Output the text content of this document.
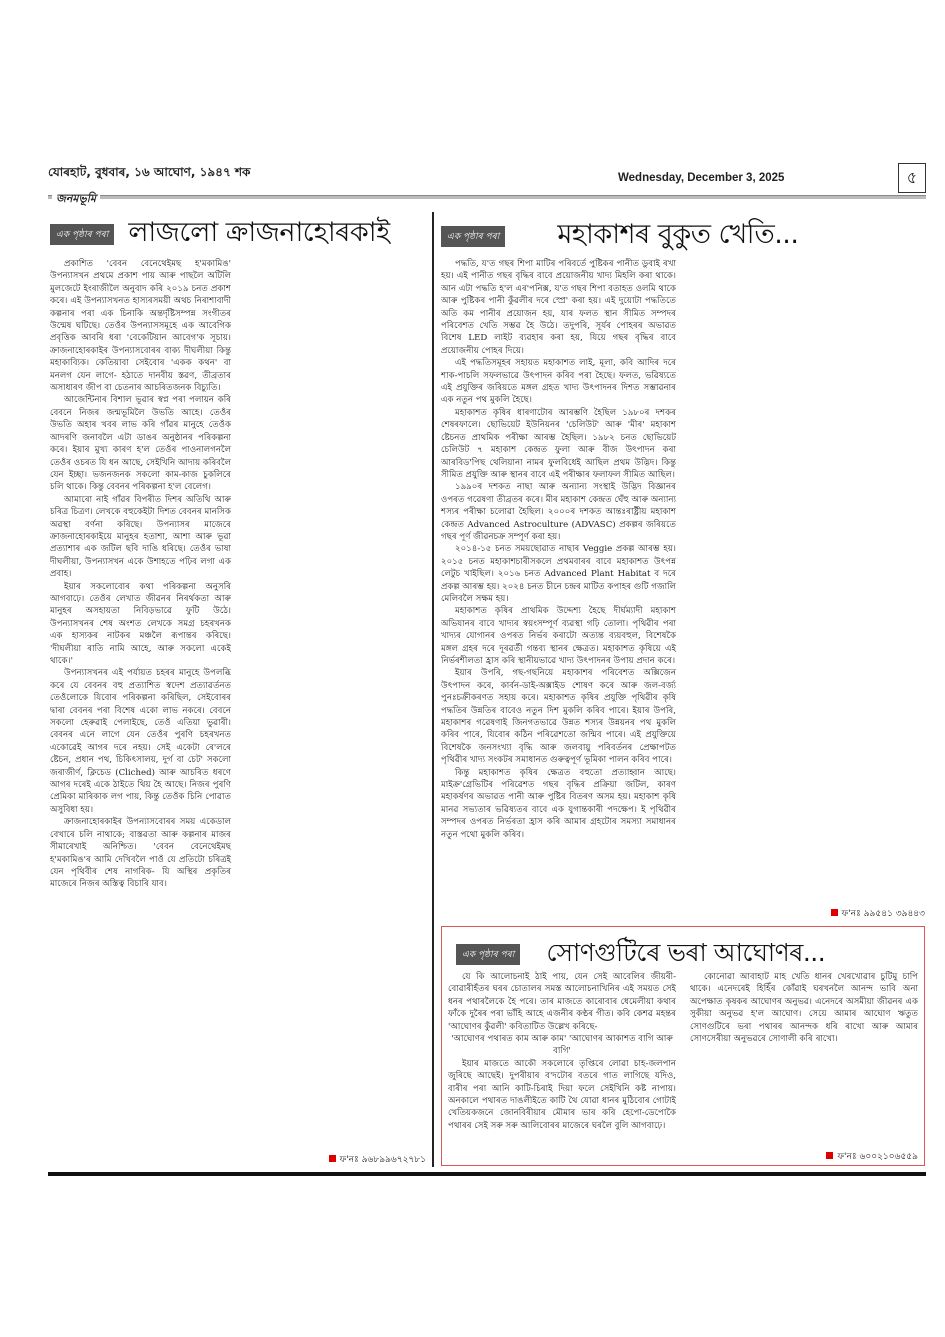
যোৰহাট, বুধবাৰ, ১৬ আঘোণ, ১৯৪৭ শক	Wednesday, December 3, 2025	৫
জনমভূমি
এক পৃষ্ঠাৰ পৰা লাজলো ক্ৰাজনাহোৰকাই

প্ৰকাশিত 'বেবন বেনেথেইমছ হ'মকামিঙ' উপন্যাসখন প্ৰথমে প্ৰকাশ পায় আৰু পাছলৈ অটিলি মুলজেটে ইংৰাজীলৈ অনুবাদ কৰি ২০১৯ চনত প্ৰকাশ কৰে। এই উপন্যাসখনত হাস্যৰসময়ী অথচ নিৰাশাবাদী কল্পনাৰ পৰা এক চিনাকি অন্তৰ্দৃষ্টিসম্পন্ন সংগীতৰ উন্মেষ ঘটিছে। তেওঁৰ উপন্যাসসমূহে এক আবেগিক প্ৰবৃত্তিক আবৰি ধৰা 'বেকেটিয়ান আবেগ'ক সূচায়। ক্ৰাজনাহোৰকাইৰ উপন্যাসবোৰৰ বাক্য দীঘলীয়া কিন্তু মহাকাব্যিক। কেতিয়াবা সেইবোৰ 'একক কথন' বা মনলগ যেন লাগে- হঠাতে দানবীয় স্তৱণ, তীব্ৰতাৰ অসাধাৰণ জীপ বা চেতনাৰ আচৰিতজনক বিচ্যুতি।

আজেন্টিনাৰ বিশাল ভূৱাৰ স্বপ্ন পৰা পলায়ন কৰি বেবনে নিজৰ জন্মভূমিলৈ উভতি আহে। তেওঁৰ উভতি অহাৰ খবৰ লাভ কৰি গাঁৱৰ মানুহে তেওঁক আদৰণি জনাবলৈ এটা ডাঙৰ অনুষ্ঠানৰ পৰিকল্পনা কৰে। ইয়াৰ মুখ্য কাৰণ হ'ল তেওঁৰ পাওনালগনলৈ তেওঁৰ ওচৰত যি ধন আছে, সেইখিনি আদায় কৰিবলৈ যেন ইচ্ছা। ভজনজনক সকলো কাম-কাজ চুকলিৰে চলি থাকে। কিন্তু বেবনৰ পৰিকল্পনা হ'ল বেলেগ।

আমাৰো নাই গাঁৱৰ বিপৰীত দিশৰ অতিথি আৰু চৰিত্ৰ চিত্ৰণ। লেখকে বহুকেইটা দিশত বেবনৰ মানসিক অৱস্থা বৰ্ণনা কৰিছে। উপন্যাসৰ মাজেৰে ক্ৰাজনাহোৰকাইয়ে মানুহৰ হতাশা, আশা আৰু ভূৱা প্ৰত্যাশাৰ এক জটিল ছবি দাঙি ধৰিছে। তেওঁৰ ভাষা দীঘলীয়া, উপন্যাসখন একে উশাহতে পঢ়িব লগা এক প্ৰবাহ।

ইয়াৰ সকলোবোৰ কথা পৰিকল্পনা অনুসৰি আগবাঢ়ে। তেওঁৰ লেখাত জীৱনৰ নিৰৰ্থকতা আৰু মানুহৰ অসহায়তা নিবিড়ভাৱে ফুটি উঠে। উপন্যাসখনৰ শেষ অংশত লেখকে সমগ্ৰ চহৰখনক এক হাস্যকৰ নাটকৰ মঞ্চলৈ ৰূপান্তৰ কৰিছে। 'দীঘলীয়া ৰাতি নামি আহে, আৰু সকলো একেই থাকে।'

উপন্যাসখনৰ এই পৰ্যায়ত চহৰৰ মানুহে উপলব্ধি কৰে যে বেবনৰ বহু প্ৰত্যাশিত স্বদেশ প্ৰত্যাৱৰ্তনত তেওঁলোকে যিবোৰ পৰিকল্পনা কৰিছিল, সেইবোৰৰ দ্বাৰা বেবনৰ পৰা বিশেষ একো লাভ নকৰে। বেবনে সকলো হেৰুৱাই পেলাইছে, তেওঁ এতিয়া ভুৱাৰী। বেবনৰ এনে লাগে যেন তেওঁৰ পুৰণি চহৰখনত একোৱেই আগৰ দৰে নহয়। সেই একেটা ৰে'লৰে ষ্টেচন, প্ৰধান পথ, চিকিৎসালয়, দুৰ্গ বা চেট' সকলো জৰাজীৰ্ণ, ক্লিচেড (Cliched) আৰু আচৰিত ধৰণে আগৰ দৰেই একে ঠাইতে থিয় হৈ আছে। নিজৰ পুৰণি প্ৰেমিকা মাৰিকাক লগ পায়, কিন্তু তেওঁক চিনি পোৱাত অসুবিধা হয়।

ক্ৰাজনাহোৰকাইৰ উপন্যাসবোৰৰ সময় একেডাল বেখাৰে চলি নাথাকে; বাস্তৱতা আৰু কল্পনাৰ মাজৰ সীমাৰেখাই অনিশ্চিত। 'বেবন বেনেথেইমছ হ'মকামিঙ'ৰ আমি দেখিবলৈ পাওঁ যে প্ৰতিটো চৰিত্ৰই যেন পৃথিবীৰ শেষ নাগৰিক- যি অস্থিৰ প্ৰকৃতিৰ মাজেৰে নিজৰ অস্তিত্ব বিচাৰি যাব।

ফ'নঃ ৯৬৮৯৯৬৭২৭৮১
এক পৃষ্ঠাৰ পৰা মহাকাশৰ বুকুত খেতি...

পদ্ধতি, য'ত গছৰ শিপা মাটিৰ পৰিবৰ্তে পুষ্টিকৰ পানীত ডুবাই ৰখা হয়। এই পানীত গছৰ বৃদ্ধিৰ বাবে প্ৰয়োজনীয় খাদ্য মিহলি কৰা থাকে। আন এটা পদ্ধতি হ'ল এৰ'পনিক্স, য'ত গছৰ শিপা বতাহত ওলমি থাকে আৰু পুষ্টিকৰ পানী কুঁৱলীৰ দৰে স্প্ৰে' কৰা হয়। এই দুয়োটা পদ্ধতিতে অতি কম পানীৰ প্ৰয়োজন হয়, যাৰ ফলত স্থান সীমিত সম্পদৰ পৰিবেশত খেতি সম্ভৱ হৈ উঠে। তদুপৰি, সূৰ্যৰ পোহৰৰ অভাৱত বিশেষ LED লাইট ব্যৱহাৰ কৰা হয়, যিয়ে গছৰ বৃদ্ধিৰ বাবে প্ৰয়োজনীয় পোহৰ দিয়ে।

এই পদ্ধতিসমূহৰ সহায়ত মহাকাশত লাই, মূলা, কবি আদিৰ দৰে শাক-পাচলি সফলভাৱে উৎপাদন কৰিব পৰা হৈছে। ফলত, ভৱিষ্যতে এই প্ৰযুক্তিৰ জৰিয়তে মঙ্গল গ্ৰহত খাদ্য উৎপাদনৰ দিশত সম্ভাৱনাৰ এক নতুন পথ মুকলি হৈছে।

মহাকাশত কৃষিৰ ধাৰণাটোৰ আৰম্ভণি হৈছিল ১৯৮০ৰ দশকৰ শেষৰফালে। ছোভিয়েট ইউনিয়নৰ 'চেলিউট' আৰু 'মীৰ' মহাকাশ ষ্টেচনত প্ৰাথমিক পৰীক্ষা আৰম্ভ হৈছিল। ১৯৮২ চনত ছোভিয়েট চেলিউট ৭ মহাকাশ কেন্দ্ৰত ফুলা আৰু বীজ উৎপাদন কৰা আৰবিড'পিছ থেলিয়ানা নামৰ ফুলবিধেই আছিল প্ৰথম উদ্ভিদ। কিন্তু সীমিত প্ৰযুক্তি আৰু স্থানৰ বাবে এই পৰীক্ষাৰ ফলাফল সীমিত আছিল।

১৯৯০ৰ দশকত নাছা আৰু অন্যান্য সংস্থাই উদ্ভিদ বিজ্ঞানৰ ওপৰত গৱেষণা তীব্ৰতৰ কৰে। মীৰ মহাকাশ কেন্দ্ৰত ঘেঁহু আৰু অন্যান্য শস্যৰ পৰীক্ষা চলোৱা হৈছিল। ২০০০ৰ দশকত আন্তঃৰাষ্ট্ৰীয় মহাকাশ কেন্দ্ৰত Advanced Astroculture (ADVASC) প্ৰকল্পৰ জৰিয়তে গছৰ পূৰ্ণ জীৱনচক্ৰ সম্পূৰ্ণ কৰা হয়।

২০১৪-১৫ চনত সময়ছোৱাত নাছাৰ Veggie প্ৰকল্প আৰম্ভ হয়। ২০১৫ চনত মহাকাশচাৰীসকলে প্ৰথমবাৰৰ বাবে মহাকাশত উৎপন্ন লেটুচ খাইছিল। ২০১৬ চনত Advanced Plant Habitat ব দৰে প্ৰকল্প আৰম্ভ হয়। ২০২৪ চনত চীনে চন্দ্ৰৰ মাটিত কপাহৰ গুটি গজালি মেলিবলৈ সক্ষম হয়।

মহাকাশত কৃষিৰ প্ৰাথমিক উদ্দেশ্য হৈছে দীৰ্ঘম্যাদী মহাকাশ অভিযানৰ বাবে খাদ্যৰ স্বয়ংসম্পূৰ্ণ ব্যৱস্থা গঢ়ি তোলা। পৃথিৱীৰ পৰা খাদ্যৰ যোগানৰ ওপৰত নিৰ্ভৰ কৰাটো অত্যন্ত ব্যয়বহুল, বিশেষকৈ মঙ্গল গ্ৰহৰ দৰে দূৰৱৰ্তী গন্তব্য স্থানৰ ক্ষেত্ৰত। মহাকাশত কৃষিয়ে এই নিৰ্ভৰশীলতা হ্ৰাস কৰি স্থানীয়ভাৱে খাদ্য উৎপাদনৰ উপায় প্ৰদান কৰে।

ইয়াৰ উপৰি, গছ-গছনিয়ে মহাকাশৰ পৰিবেশত অক্সিজেন উৎপাদন কৰে, কাৰ্বন-ডাই-অক্সাইড শোষণ কৰে আৰু জল-বৰ্জ্য পুনঃচক্ৰীকৰণত সহায় কৰে। মহাকাশত কৃষিৰ প্ৰযুক্তি পৃথিৱীৰ কৃষি পদ্ধতিৰ উন্নতিৰ বাবেও নতুন দিশ মুকলি কৰিব পাৰে। ইয়াৰ উপৰি, মহাকাশৰ গৱেষণাই জিনগতভাৱে উন্নত শস্যৰ উন্নয়নৰ পথ মুকলি কৰিব পাৰে, যিবোৰ কঠিন পৰিৱেশতো জন্মিব পাৰে। এই প্ৰযুক্তিয়ে বিশেষকৈ জনসংখ্যা বৃদ্ধি আৰু জলবায়ু পৰিবৰ্তনৰ প্ৰেক্ষাপটত পৃথিৱীৰ খাদ্য সংকটৰ সমাধানত গুৰুত্বপূৰ্ণ ভূমিকা পালন কৰিব পাৰে।

কিন্তু মহাকাশত কৃষিৰ ক্ষেত্ৰত বহুতো প্ৰত্যাহ্বান আছে। মাইক্ৰ'গ্ৰেভিটিৰ পৰিৱেশত গছৰ বৃদ্ধিৰ প্ৰক্ৰিয়া জটিল, কাৰণ মহাকৰ্ষণৰ অভাৱত পানী আৰু পুষ্টিৰ বিতৰণ অসম হয়। মহাকাশ কৃষি মানৱ সভ্যতাৰ ভৱিষ্যতৰ বাবে এক যুগান্তকাৰী পদক্ষেপ। ই পৃথিৱীৰ সম্পদৰ ওপৰত নিৰ্ভৰতা হ্ৰাস কৰি আমাৰ গ্ৰহটোৰ সমস্যা সমাধানৰ নতুন পথো মুকলি কৰিব।

ফ'নঃ ৯৯৫৪১ ৩৯৪৪৩
এক পৃষ্ঠাৰ পৰা সোণগুটিৰে ভৰা আঘোণৰ...

যে কি আলোচনাই ঠাই পায়, যেন সেই আবেলিৰ জীয়ৰী-বোৱাৰীহঁতৰ ঘৰৰ চোতালৰ সমস্ত আলোচনাখিনিৰ এই সময়ত সেই ধনৰ পথাৰলৈকে হৈ পৰে। তাৰ মাজতে কাৰোবাৰ ধেমেলীয়া কথাৰ ফাঁকে দুৰৈৰ পৰা ভাঁহি আহে এজনীৰ কণ্ঠৰ গীত। কবি কেশৱ মহন্তৰ 'আঘোণৰ কুঁৱলী' কবিতাটিত উল্লেখ কৰিছে-

'আঘোণৰ পথাৰত কাম আৰু কাম' 'আঘোণৰ আকাশত বাগি আৰু বাগি'

ইয়াৰ মাজতে আকৌ সকলোৰে তৃপ্তিৰে লোৱা চাহ-জলপান জুৰিছে আছেই। দুপৰীয়াৰ ব'দটোৰ বতৰে গাত লাগিছে যদিও, বাৰীৰ পৰা আনি কাটি-চিৰাই দিয়া ফলে সেইখিনি কষ্ট নাপায়। অনকালে পথাৰত দাঙলীইতে কাটি থৈ যোৱা ধানৰ মুঠিবোৰ গোটাই খেতিয়কজনে জোনবিৰীয়াৰ মৌমাৰ ভাৰ কৰি হেপো-ডেপোকৈ পথাৰৰ সেই সৰু সৰু আলিবোৰৰ মাজেৰে ঘৰলৈ বুলি আগবাঢ়ে।

কোনোৱা আবাহাট মাহ খেতি ধানৰ খেৰখোৱাৰ চুটিমু চাপি থাকে। এনেদৰেই হিহিঁৰ কোঁৱাই ঘৰখনলৈ আনন্দ ভাবি অনা অপেক্ষাত কৃষকৰ আঘোণৰ অনুভৱ। এনেদৰে অসমীয়া জীৱনৰ এক সুকীয়া অনুভৱ হ'ল আঘোণ। সেয়ে আমাৰ আঘোণ ঋতুত সোণগুটিৰে ভৰা পথাৰৰ আনন্দক ধৰি ৰাখো আৰু আমাৰ সোণসেৰীয়া অনুভৱৰে সোণালী কৰি ৰাখো।

ফ'নঃ ৬০০২১০৬৫৫৯
